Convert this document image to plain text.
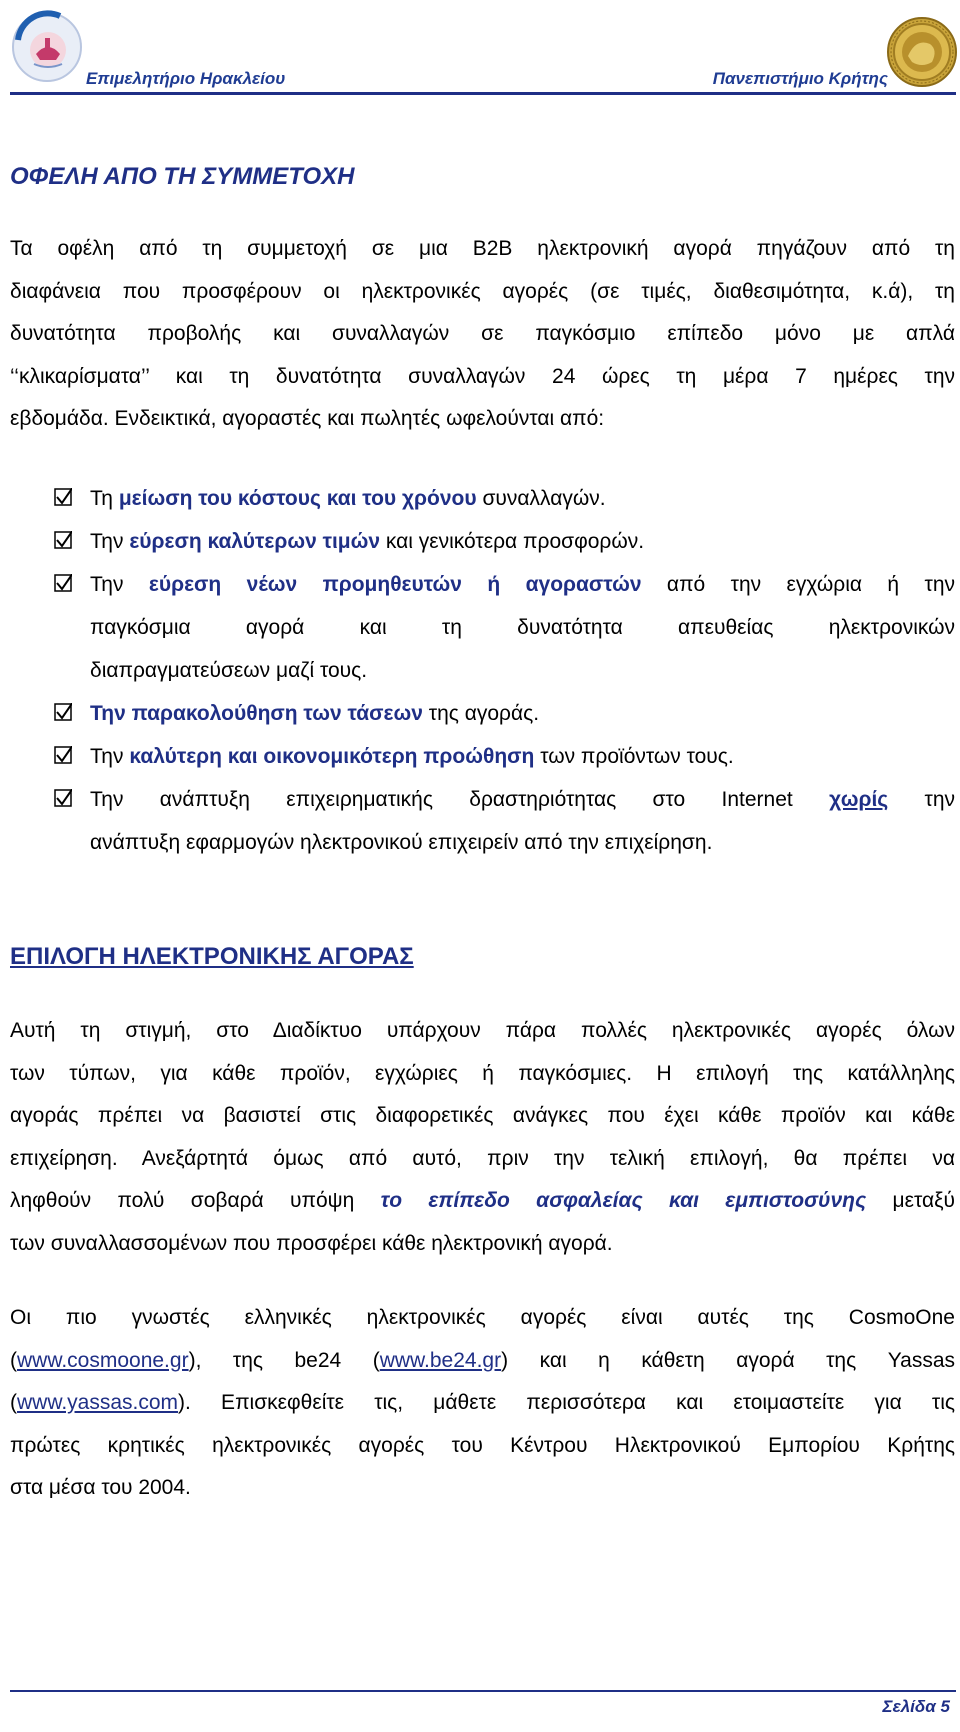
Επιμελητήριο Ηρακλείου	Πανεπιστήμιο Κρήτης
ΟΦΕΛΗ ΑΠΟ ΤΗ ΣΥΜΜΕΤΟΧΗ
Τα οφέλη από τη συμμετοχή σε μια B2B ηλεκτρονική αγορά πηγάζουν από τη
διαφάνεια που προσφέρουν οι ηλεκτρονικές αγορές (σε τιμές, διαθεσιμότητα, κ.ά), τη
δυνατότητα προβολής και συναλλαγών σε παγκόσμιο επίπεδο μόνο με απλά
‘‘κλικαρίσματα’’ και τη δυνατότητα συναλλαγών 24 ώρες τη μέρα 7 ημέρες την
εβδομάδα. Ενδεικτικά, αγοραστές και πωλητές ωφελούνται από:
Τη μείωση του κόστους και του χρόνου συναλλαγών.
Την εύρεση καλύτερων τιμών και γενικότερα προσφορών.
Την εύρεση νέων προμηθευτών ή αγοραστών από την εγχώρια ή την
παγκόσμια αγορά και τη δυνατότητα απευθείας ηλεκτρονικών
διαπραγματεύσεων μαζί τους.
Την παρακολούθηση των τάσεων της αγοράς.
Την καλύτερη και οικονομικότερη προώθηση των προϊόντων τους.
Την ανάπτυξη επιχειρηματικής δραστηριότητας στο Internet χωρίς την
ανάπτυξη εφαρμογών ηλεκτρονικού επιχειρείν από την επιχείρηση.
ΕΠΙΛΟΓΗ ΗΛΕΚΤΡΟΝΙΚΗΣ ΑΓΟΡΑΣ
Αυτή τη στιγμή, στο Διαδίκτυο υπάρχουν πάρα πολλές ηλεκτρονικές αγορές όλων
των τύπων, για κάθε προϊόν, εγχώριες ή παγκόσμιες. Η επιλογή της κατάλληλης
αγοράς πρέπει να βασιστεί στις διαφορετικές ανάγκες που έχει κάθε προϊόν και κάθε
επιχείρηση. Ανεξάρτητά όμως από αυτό, πριν την τελική επιλογή, θα πρέπει να
ληφθούν πολύ σοβαρά υπόψη το επίπεδο ασφαλείας και εμπιστοσύνης μεταξύ
των συναλλασσομένων που προσφέρει κάθε ηλεκτρονική αγορά.
Οι πιο γνωστές ελληνικές ηλεκτρονικές αγορές είναι αυτές της CosmoOne
(www.cosmoone.gr), της be24 (www.be24.gr) και η κάθετη αγορά της Yassas
(www.yassas.com). Επισκεφθείτε τις, μάθετε περισσότερα και ετοιμαστείτε για τις
πρώτες κρητικές ηλεκτρονικές αγορές του Κέντρου Ηλεκτρονικού Εμπορίου Κρήτης
στα μέσα του 2004.
Σελίδα 5
